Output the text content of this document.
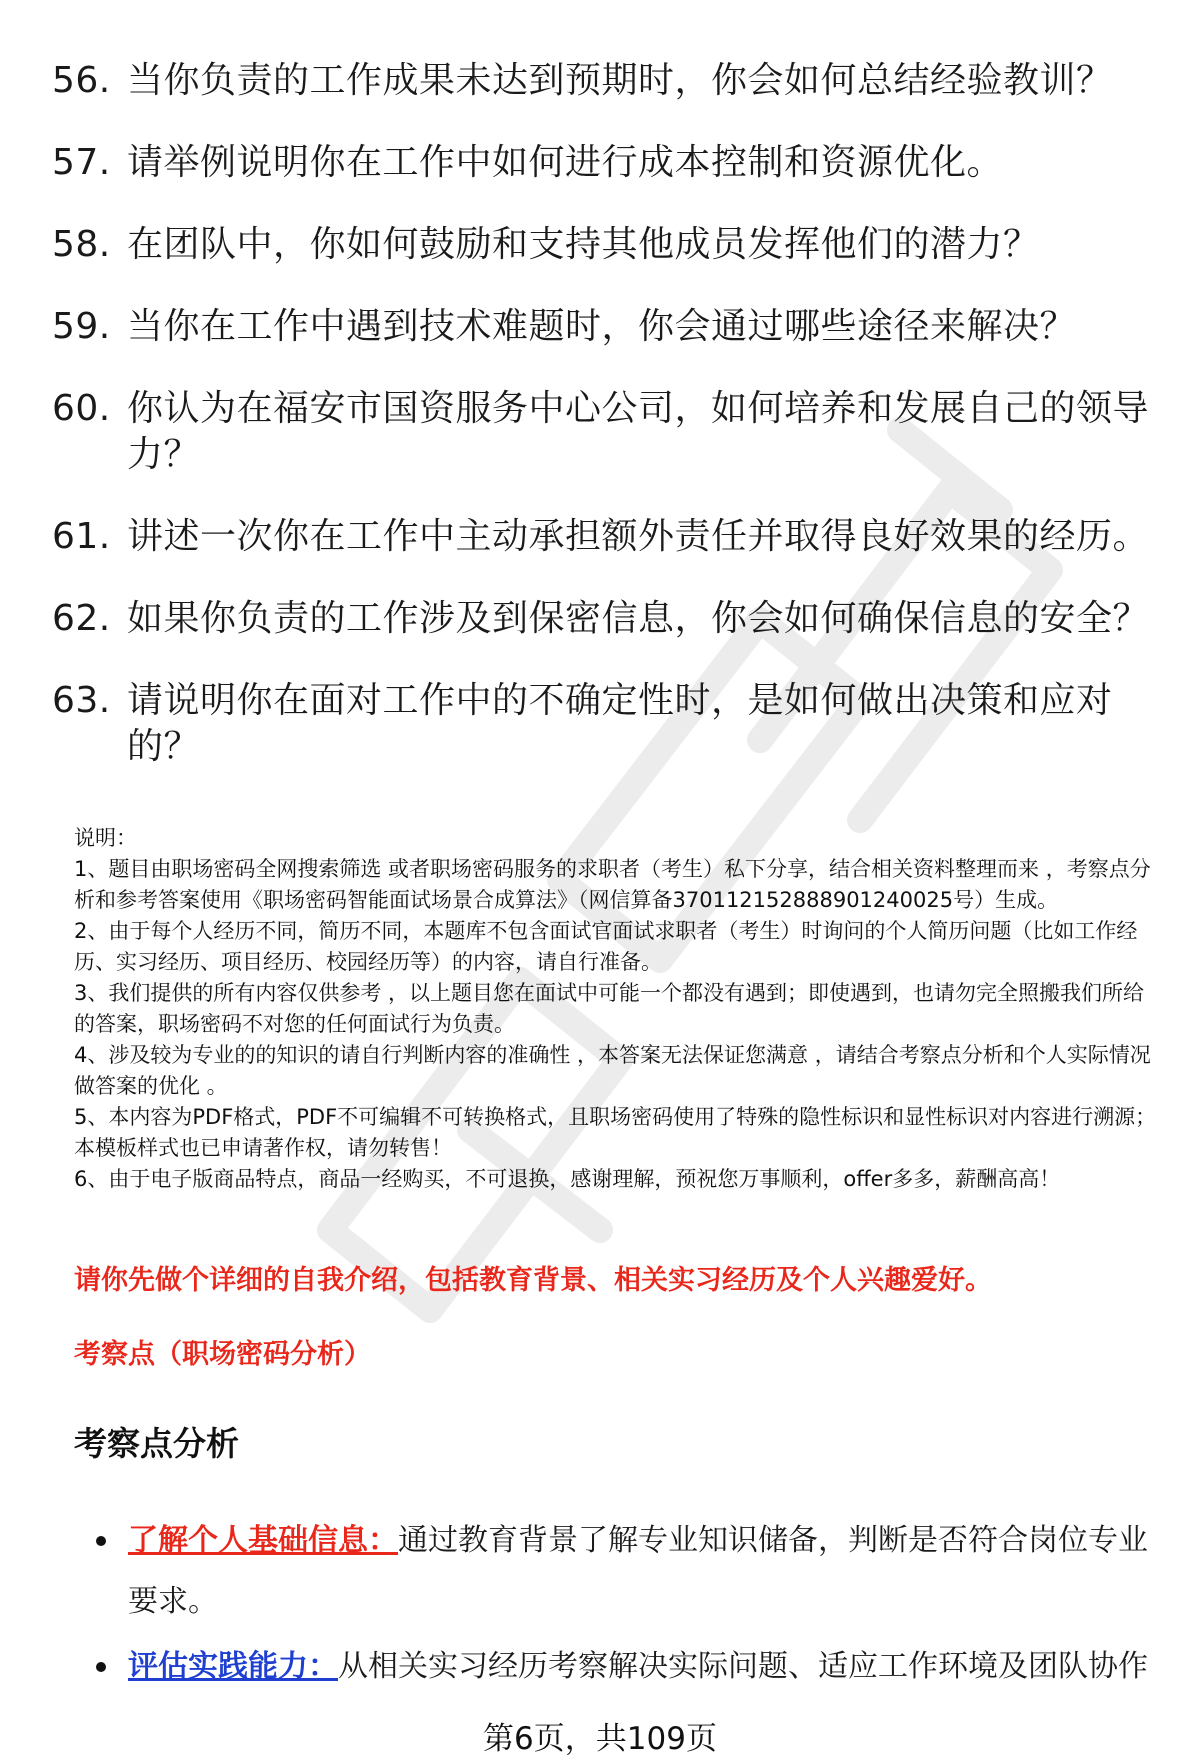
56. 当你负责的工作成果未达到预期时，你会如何总结经验教训？
57. 请举例说明你在工作中如何进行成本控制和资源优化。
58. 在团队中，你如何鼓励和支持其他成员发挥他们的潜力？
59. 当你在工作中遇到技术难题时，你会通过哪些途径来解决？
60. 你认为在福安市国资服务中心公司，如何培养和发展自己的领导力？
61. 讲述一次你在工作中主动承担额外责任并取得良好效果的经历。
62. 如果你负责的工作涉及到保密信息，你会如何确保信息的安全？
63. 请说明你在面对工作中的不确定性时，是如何做出决策和应对的？

说明：

1、题目由职场密码全网搜索筛选 或者职场密码服务的求职者（考生）私下分享，结合相关资料整理而来 ，考察点分析和参考答案使用《职场密码智能面试场景合成算法》（网信算备370112152888901240025号）生成。

2、由于每个人经历不同，简历不同，本题库不包含面试官面试求职者（考生）时询问的个人简历问题（比如工作经历、实习经历、项目经历、校园经历等）的内容，请自行准备。

3、我们提供的所有内容仅供参考 ，以上题目您在面试中可能一个都没有遇到；即使遇到，也请勿完全照搬我们所给的答案，职场密码不对您的任何面试行为负责。

4、涉及较为专业的的知识的请自行判断内容的准确性 ，本答案无法保证您满意 ，请结合考察点分析和个人实际情况做答案的优化 。

5、本内容为PDF格式，PDF不可编辑不可转换格式，且职场密码使用了特殊的隐性标识和显性标识对内容进行溯源；本模板样式也已申请著作权，请勿转售！

6、由于电子版商品特点，商品一经购买，不可退换，感谢理解，预祝您万事顺利，offer多多，薪酬高高！

请你先做个详细的自我介绍，包括教育背景、相关实习经历及个人兴趣爱好。
考察点（职场密码分析）
考察点分析
了解个人基础信息：通过教育背景了解专业知识储备，判断是否符合岗位专业要求。
评估实践能力：从相关实习经历考察解决实际问题、适应工作环境及团队协作
第6页，共109页
